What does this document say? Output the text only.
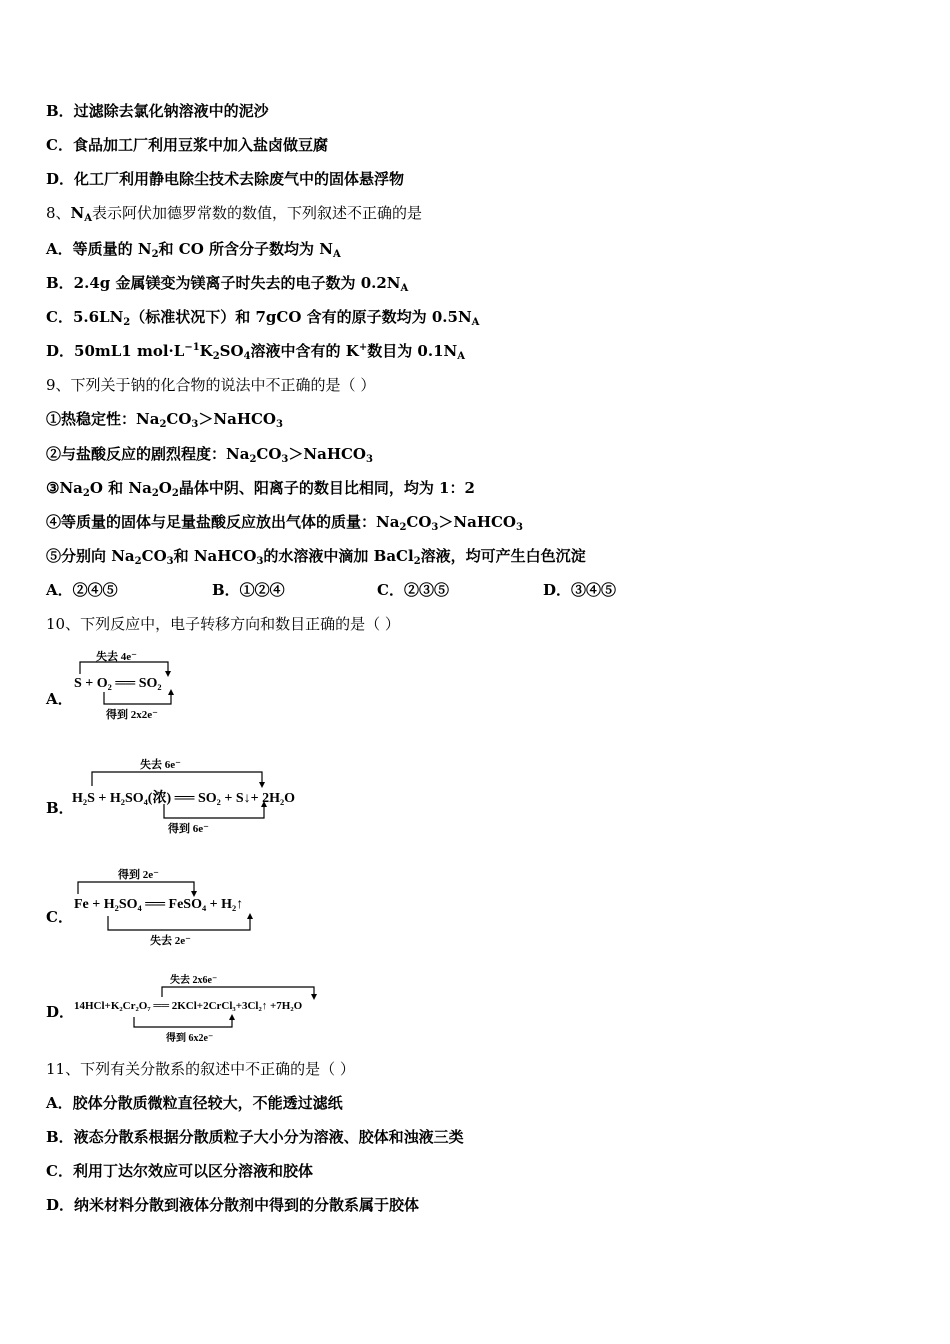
B．过滤除去氯化钠溶液中的泥沙
C．食品加工厂利用豆浆中加入盐卤做豆腐
D．化工厂利用静电除尘技术去除废气中的固体悬浮物
8、$N_A$表示阿伏加德罗常数的数值，下列叙述不正确的是
A．等质量的 $N_2$和 CO 所含分子数均为 $N_A$
B．2.4g 金属镁变为镁离子时失去的电子数为 $0.2N_A$
C．$5.6LN_2$（标准状况下）和 7gCO 含有的原子数均为 $0.5N_A$
D．50mL1 $mol\cdot L^{-1}K_2SO_4$溶液中含有的 K+数目为 $0.1N_A$
9、下列关于钠的化合物的说法中不正确的是（ ）
①热稳定性：$Na_2CO_3>NaHCO_3$
②与盐酸反应的剧烈程度：$Na_2CO_3>NaHCO_3$
$③Na_2O$ 和 $Na_2O_2$晶体中阴、阳离子的数目比相同，均为 1：2
④等质量的固体与足量盐酸反应放出气体的质量：$Na_2CO_3>NaHCO_3$
⑤分别向 $Na_2CO_3$和 NaHCO$_3$的水溶液中滴加 BaCl$_2$溶液，均可产生白色沉淀
A．②④⑤	B．①②④	C．②③⑤	D．③④⑤
10、下列反应中，电子转移方向和数目正确的是（ ）
A．
失去 4e⁻
S + O₂ ══ SO₂
得到 2x2e⁻
B．
失去 6e⁻
H₂S + H₂SO₄(浓) ══ SO₂ + S↓+ 2H₂O
得到 6e⁻
C．
得到 2e⁻
Fe + H₂SO₄ ══ FeSO₄ + H₂↑
失去 2e⁻
D．
失去 2x6e⁻
14HCl+K₂Cr₂O₇ ══ 2KCl+2CrCl₃+3Cl₂↑ +7H₂O
得到 6x2e⁻
11、下列有关分散系的叙述中不正确的是（ ）
A．胶体分散质微粒直径较大，不能透过滤纸
B．液态分散系根据分散质粒子大小分为溶液、胶体和浊液三类
C．利用丁达尔效应可以区分溶液和胶体
D．纳米材料分散到液体分散剂中得到的分散系属于胶体
